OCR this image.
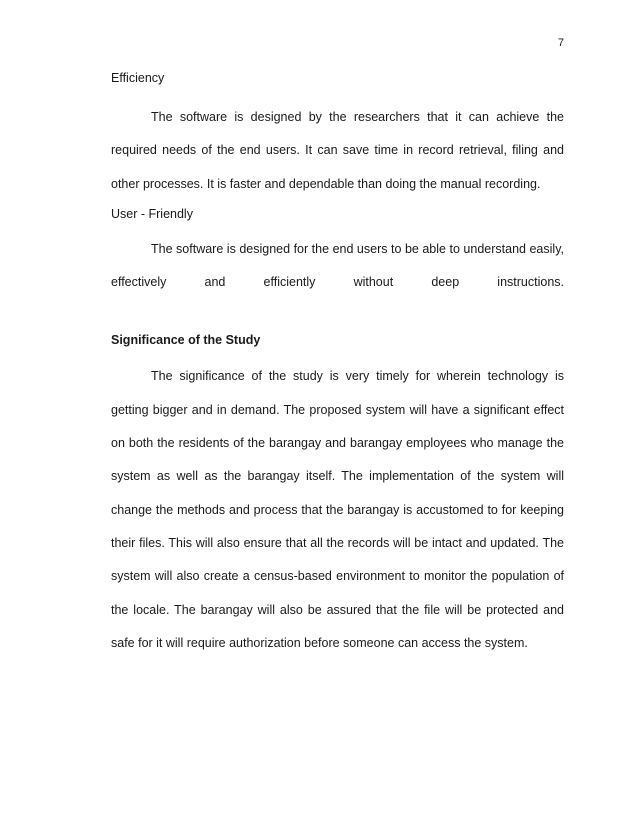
7

Efficiency

The software is designed by the researchers that it can achieve the required needs of the end users. It can save time in record retrieval, filing and other processes. It is faster and dependable than doing the manual recording.

User - Friendly

The software is designed for the end users to be able to understand easily, effectively and efficiently without deep instructions.

Significance of the Study

The significance of the study is very timely for wherein technology is getting bigger and in demand. The proposed system will have a significant effect on both the residents of the barangay and barangay employees who manage the system as well as the barangay itself. The implementation of the system will change the methods and process that the barangay is accustomed to for keeping their files. This will also ensure that all the records will be intact and updated. The system will also create a census-based environment to monitor the population of the locale. The barangay will also be assured that the file will be protected and safe for it will require authorization before someone can access the system.
